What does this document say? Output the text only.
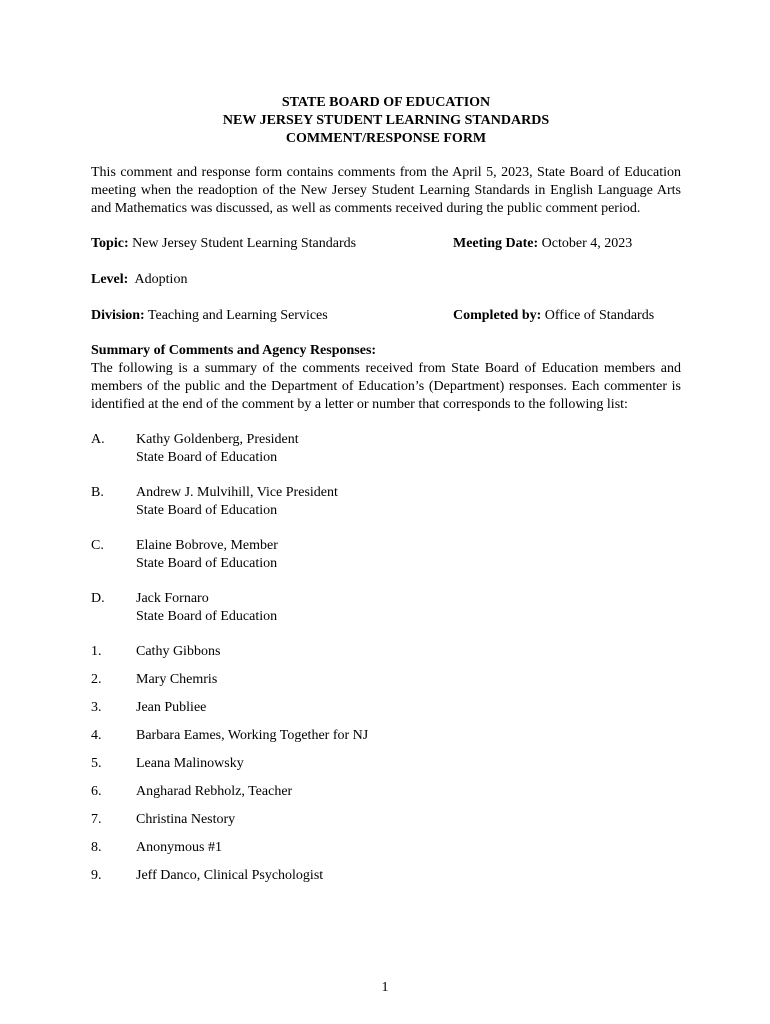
STATE BOARD OF EDUCATION
NEW JERSEY STUDENT LEARNING STANDARDS
COMMENT/RESPONSE FORM
This comment and response form contains comments from the April 5, 2023, State Board of Education meeting when the readoption of the New Jersey Student Learning Standards in English Language Arts and Mathematics was discussed, as well as comments received during the public comment period.
Topic: New Jersey Student Learning Standards	Meeting Date: October 4, 2023
Level:  Adoption
Division: Teaching and Learning Services	Completed by: Office of Standards
Summary of Comments and Agency Responses:
The following is a summary of the comments received from State Board of Education members and members of the public and the Department of Education’s (Department) responses. Each commenter is identified at the end of the comment by a letter or number that corresponds to the following list:
A.	Kathy Goldenberg, President
State Board of Education
B.	Andrew J. Mulvihill, Vice President
State Board of Education
C.	Elaine Bobrove, Member
State Board of Education
D.	Jack Fornaro
State Board of Education
1.	Cathy Gibbons
2.	Mary Chemris
3.	Jean Publiee
4.	Barbara Eames, Working Together for NJ
5.	Leana Malinowsky
6.	Angharad Rebholz, Teacher
7.	Christina Nestory
8.	Anonymous #1
9.	Jeff Danco, Clinical Psychologist
1
